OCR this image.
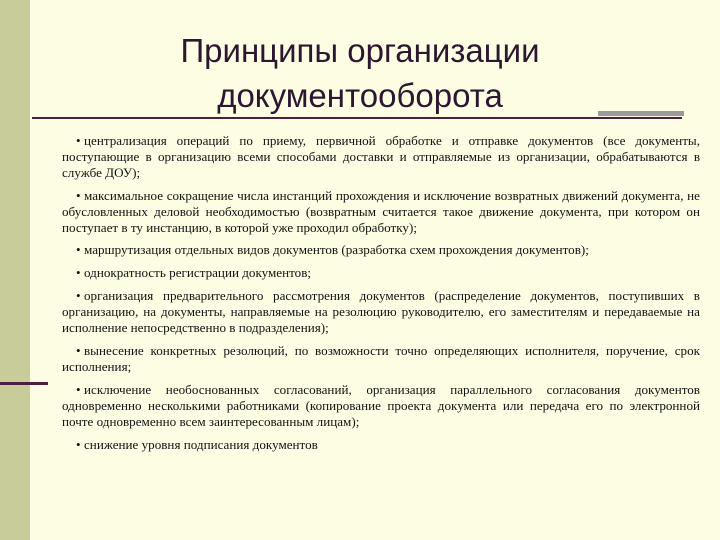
Принципы организации
документооборота
• централизация операций по приему, первичной обработке и отправке документов (все документы, поступающие в организацию всеми способами доставки и отправляемые из организации, обрабатываются в службе ДОУ);
• максимальное сокращение числа инстанций прохождения и исключение возвратных движений документа, не обусловленных деловой необходимостью (возвратным считается такое движение документа, при котором он поступает в ту инстанцию, в которой уже проходил обработку);
• маршрутизация отдельных видов документов (разработка схем прохождения документов);
• однократность регистрации документов;
• организация предварительного рассмотрения документов (распределение документов, поступивших в организацию, на документы, направляемые на резолюцию руководителю, его заместителям и передаваемые на исполнение непосредственно в подразделения);
• вынесение конкретных резолюций, по возможности точно определяющих исполнителя, поручение, срок исполнения;
• исключение необоснованных согласований, организация параллельного согласования документов одновременно несколькими работниками (копирование проекта документа или передача его по электронной почте одновременно всем заинтересованным лицам);
• снижение уровня подписания документов
